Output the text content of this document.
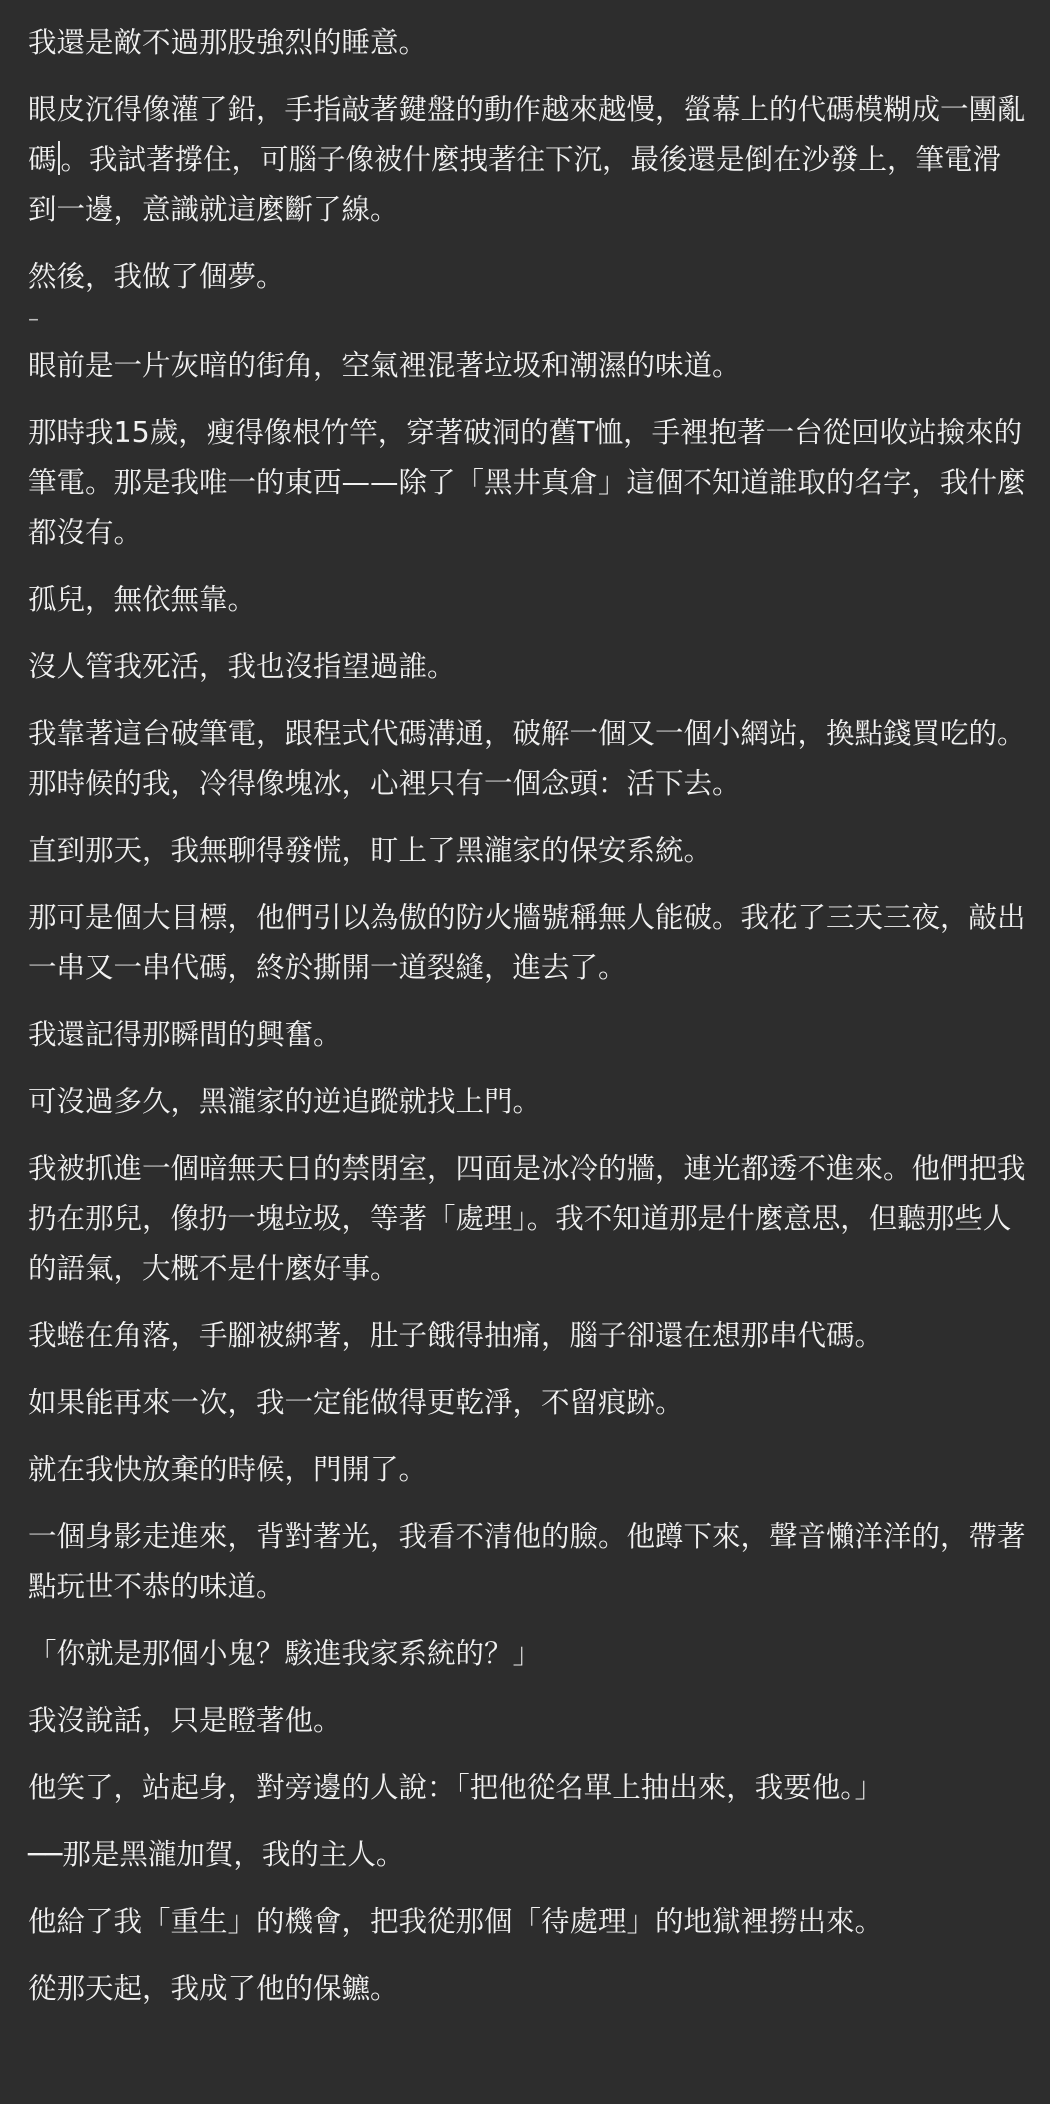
我還是敵不過那股強烈的睡意。

眼皮沉得像灌了鉛，手指敲著鍵盤的動作越來越慢，螢幕上的代碼模糊成一團亂碼 。我試著撐住，可腦子像被什麼拽著往下沉，最後還是倒在沙發上，筆電滑到一邊，意識就這麼斷了線。

然後，我做了個夢。

–

眼前是一片灰暗的街角，空氣裡混著垃圾和潮濕的味道。

那時我15歲，瘦得像根竹竿，穿著破洞的舊T恤，手裡抱著一台從回收站撿來的筆電。那是我唯一的東西——除了「黑井真倉」這個不知道誰取的名字，我什麼都沒有。

孤兒，無依無靠。

沒人管我死活，我也沒指望過誰。

我靠著這台破筆電，跟程式代碼溝通，破解一個又一個小網站，換點錢買吃的。那時候的我，冷得像塊冰，心裡只有一個念頭：活下去。

直到那天，我無聊得發慌，盯上了黑瀧家的保安系統。

那可是個大目標，他們引以為傲的防火牆號稱無人能破。我花了三天三夜，敲出一串又一串代碼，終於撕開一道裂縫，進去了。

我還記得那瞬間的興奮。

可沒過多久，黑瀧家的逆追蹤就找上門。

我被抓進一個暗無天日的禁閉室，四面是冰冷的牆，連光都透不進來。他們把我扔在那兒，像扔一塊垃圾，等著「處理」。我不知道那是什麼意思，但聽那些人的語氣，大概不是什麼好事。

我蜷在角落，手腳被綁著，肚子餓得抽痛，腦子卻還在想那串代碼。

如果能再來一次，我一定能做得更乾淨，不留痕跡。

就在我快放棄的時候，門開了。

一個身影走進來，背對著光，我看不清他的臉。他蹲下來，聲音懶洋洋的，帶著點玩世不恭的味道。

「你就是那個小鬼？駭進我家系統的？」

我沒說話，只是瞪著他。

他笑了，站起身，對旁邊的人說：「把他從名單上抽出來，我要他。」

──那是黑瀧加賀，我的主人。

他給了我「重生」的機會，把我從那個「待處理」的地獄裡撈出來。

從那天起，我成了他的保鑣。
